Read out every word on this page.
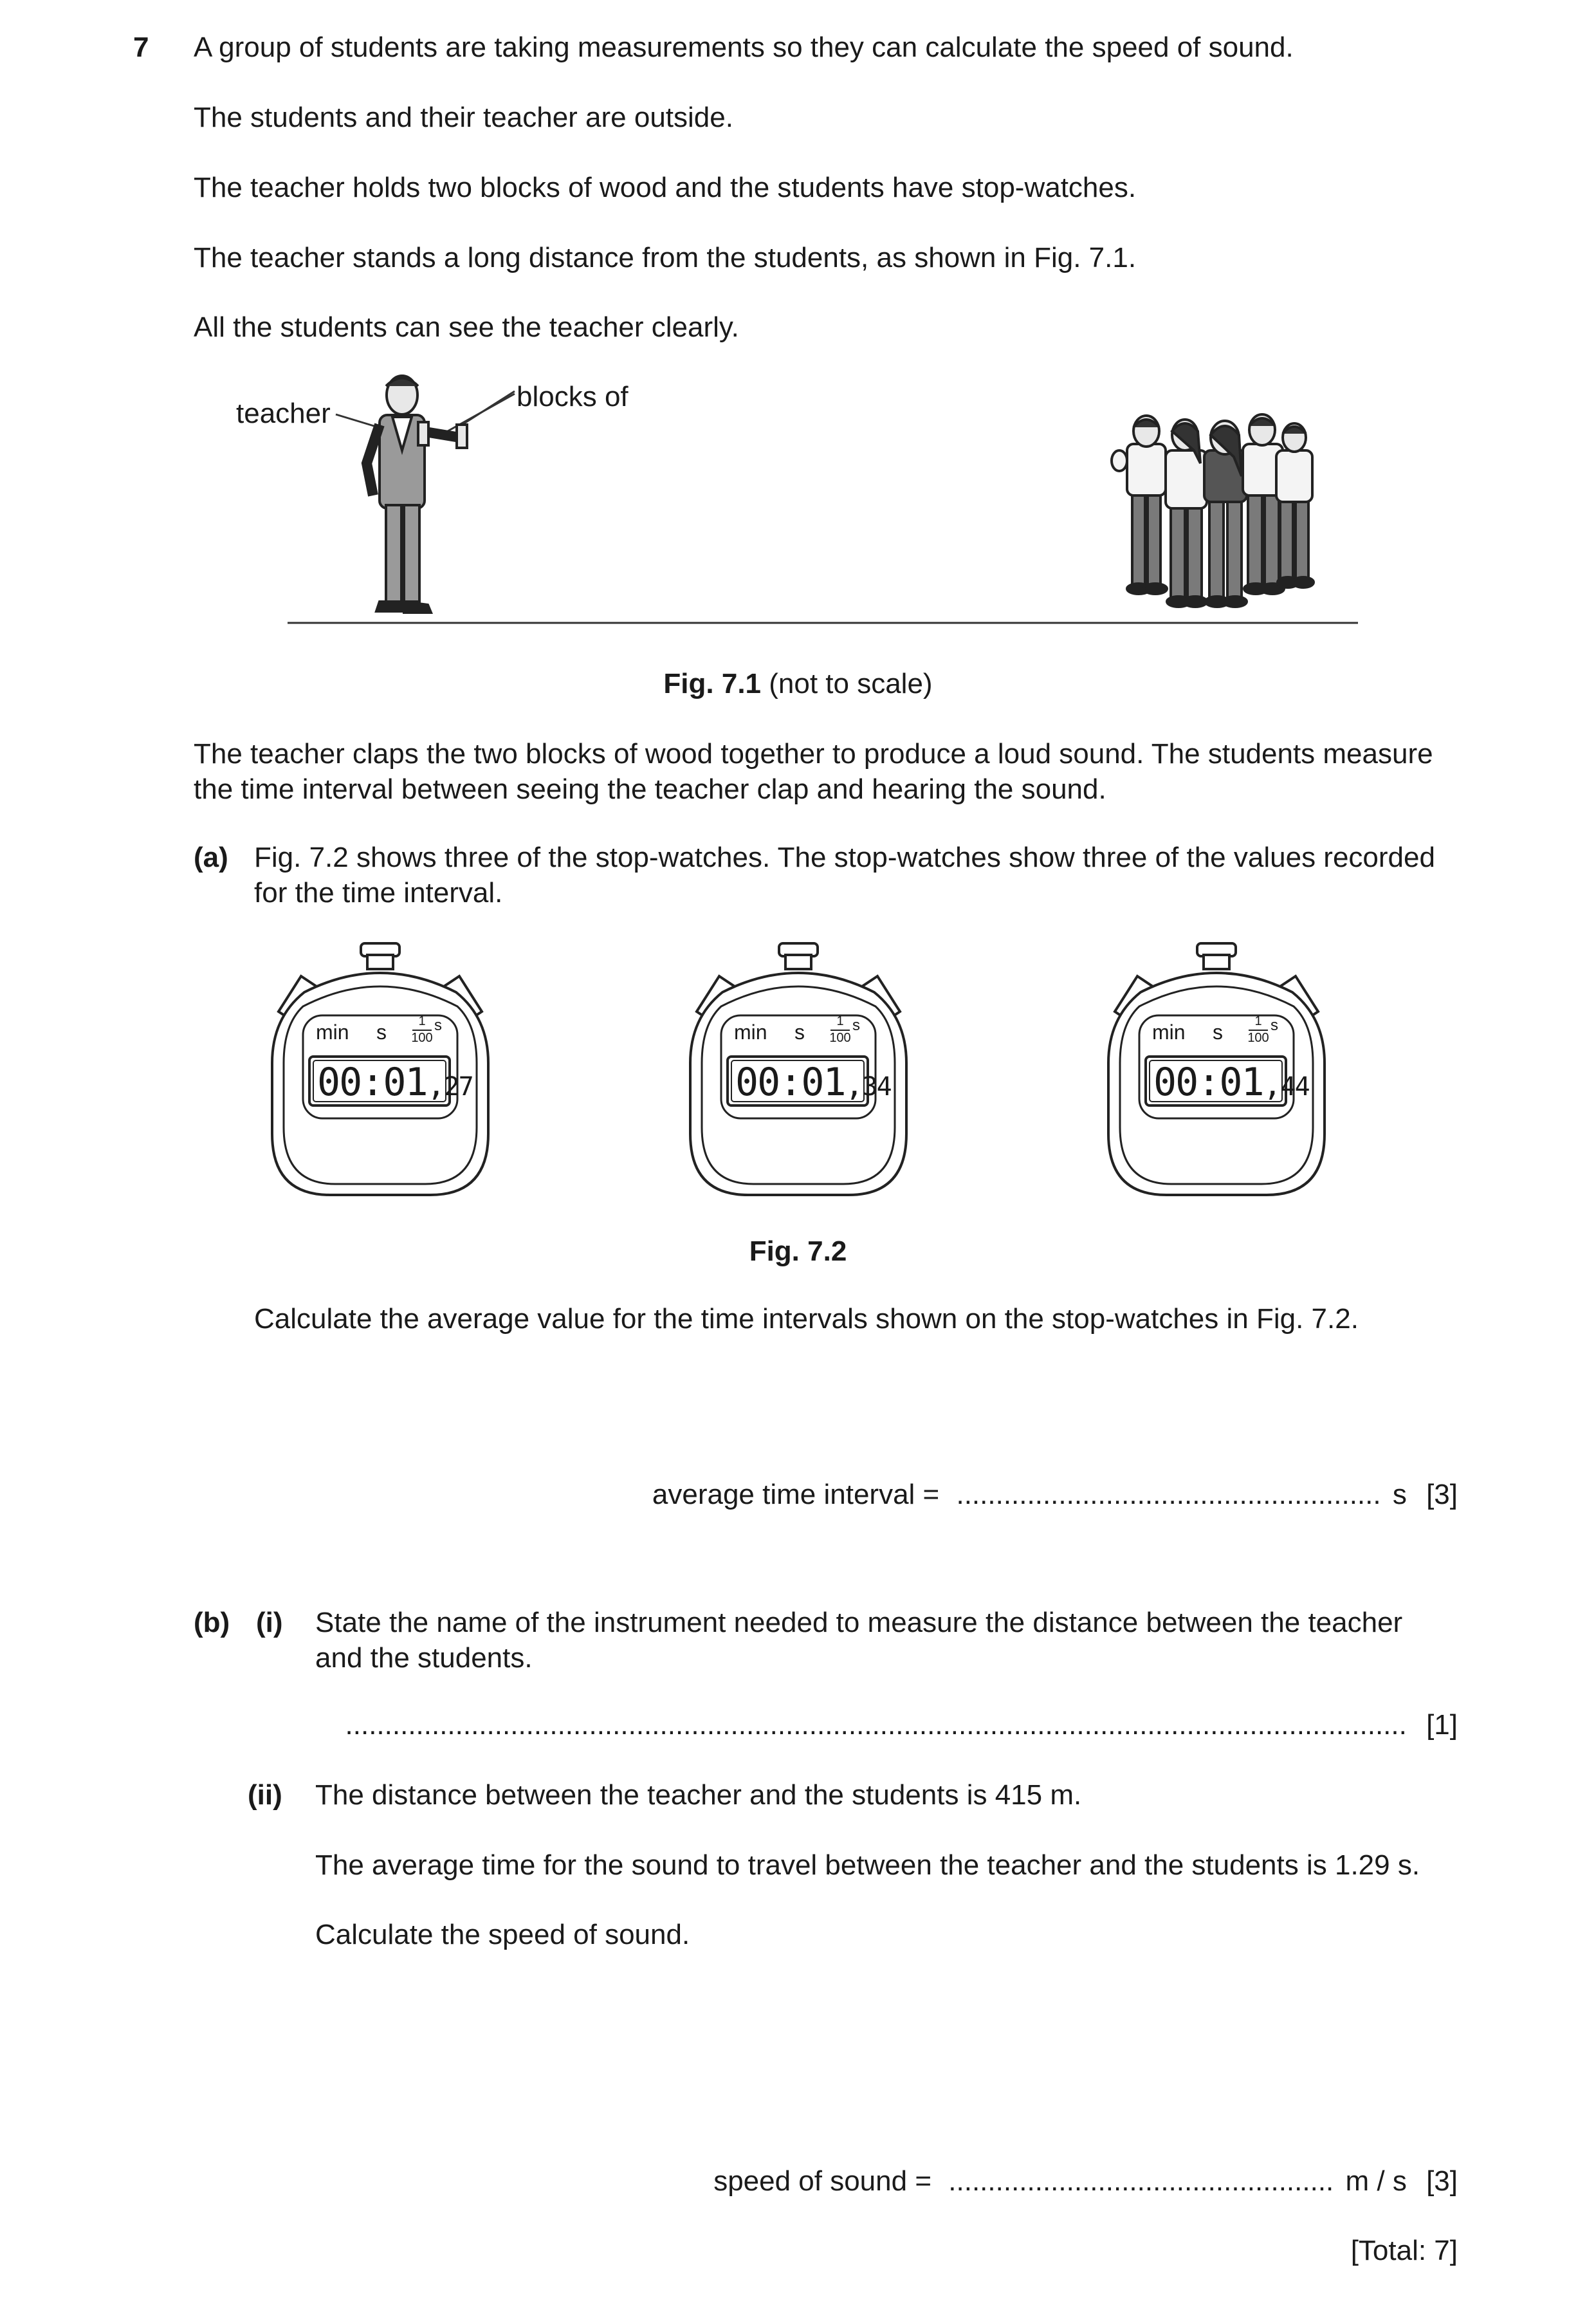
7 A group of students are taking measurements so they can calculate the speed of sound.
The students and their teacher are outside.
The teacher holds two blocks of wood and the students have stop-watches.
The teacher stands a long distance from the students, as shown in Fig. 7.1.
All the students can see the teacher clearly.
teacher
blocks of
Fig. 7.1 (not to scale)
The teacher claps the two blocks of wood together to produce a loud sound. The students measure
the time interval between seeing the teacher clap and hearing the sound.
(a) Fig. 7.2 shows three of the stop-watches. The stop-watches show three of the values recorded
for the time interval.
min s	1
100
s
00:01,27
min s	1
100
s
00:01,34
min s	1
100
s
00:01,44
Fig. 7.2
Calculate the average value for the time intervals shown on the stop-watches in Fig. 7.2.
average time interval = ...................................................... s [3]
(b) (i) State the name of the instrument needed to measure the distance between the teacher
and the students.
....................................................................................................................................... [1]
(ii) The distance between the teacher and the students is 415 m.
The average time for the sound to travel between the teacher and the students is 1.29 s.
Calculate the speed of sound.
speed of sound = ................................................. m / s [3]
[Total: 7]
